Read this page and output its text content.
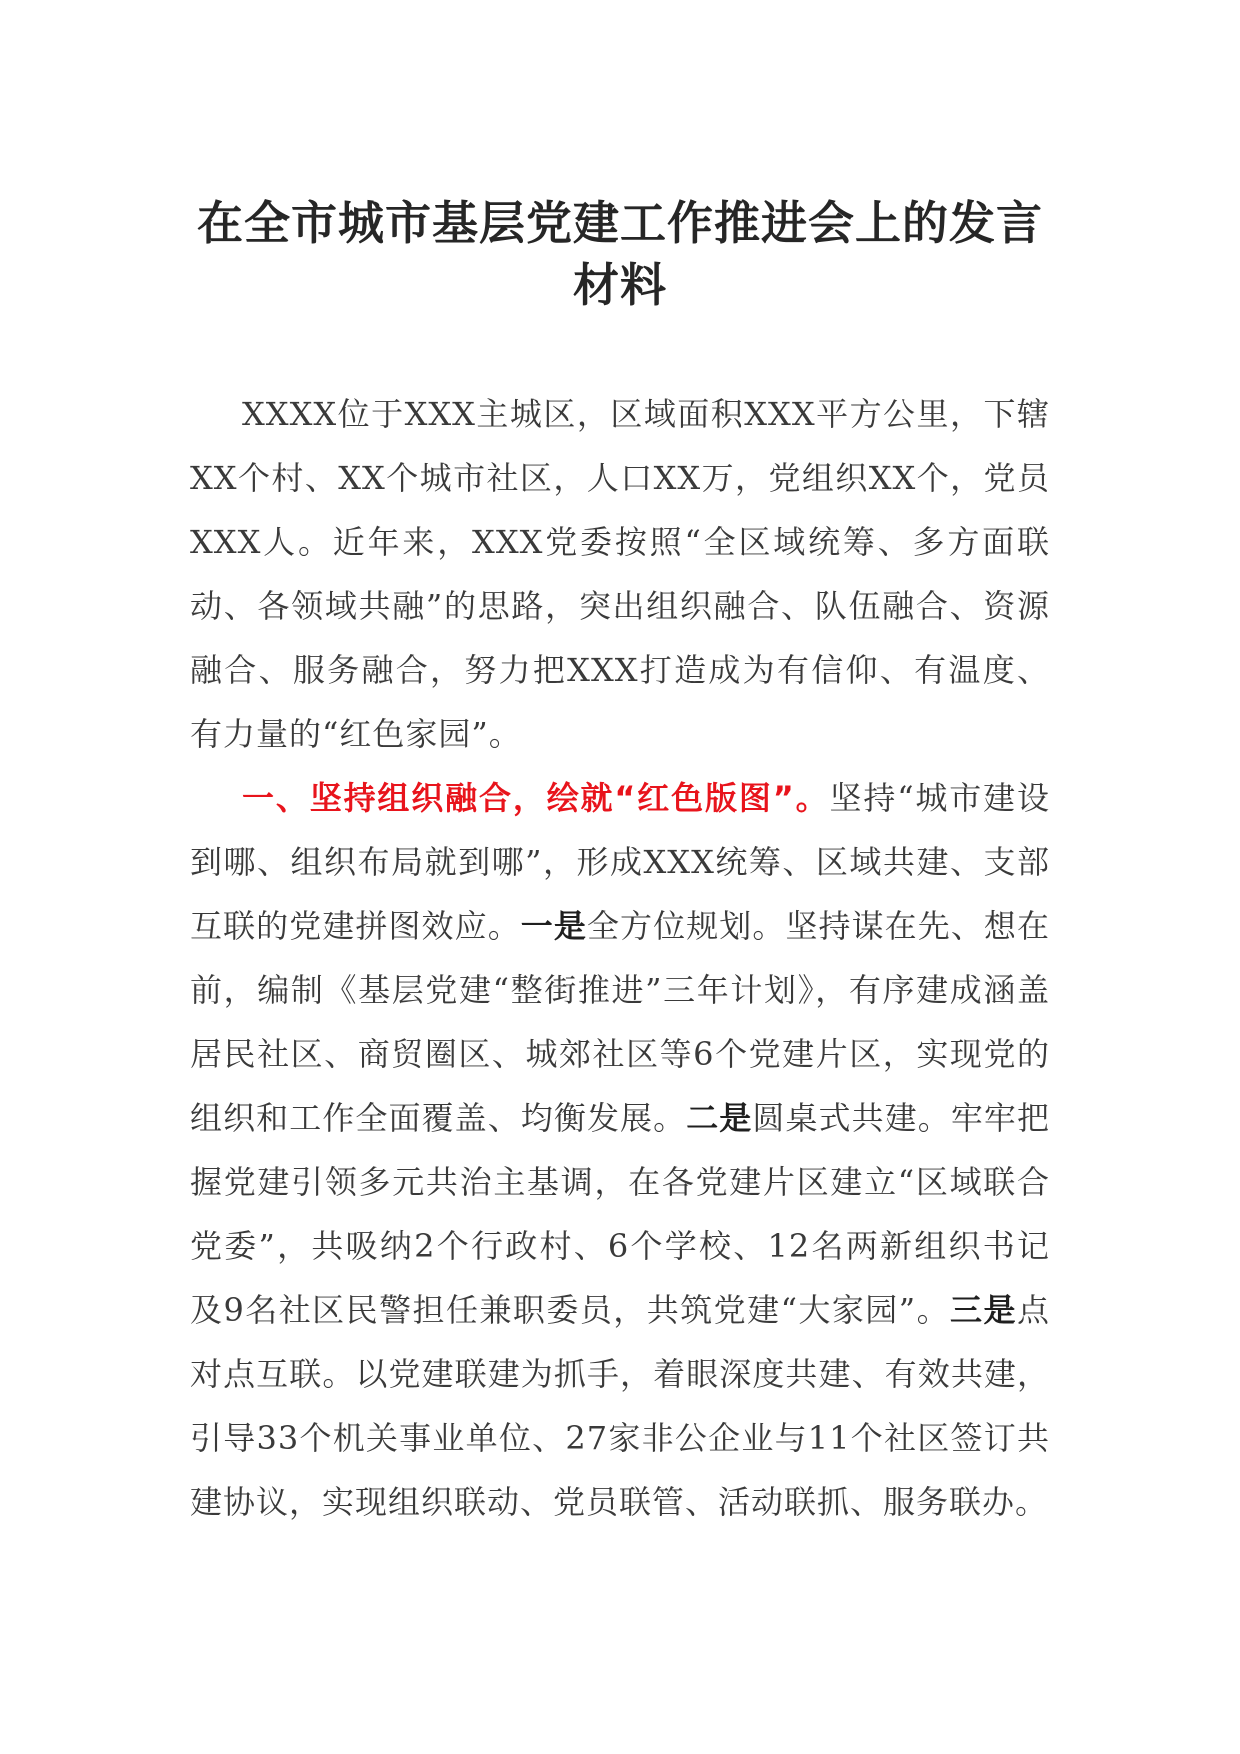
在全市城市基层党建工作推进会上的发言
材料

XXXX位于XXX主城区，区域面积XXX平方公里，下辖XX个村、XX个城市社区，人口XX万，党组织XX个，党员XXX人。近年来，XXX党委按照“全区域统筹、多方面联动、各领域共融”的思路，突出组织融合、队伍融合、资源融合、服务融合，努力把XXX打造成为有信仰、有温度、有力量的“红色家园”。

一、坚持组织融合，绘就“红色版图”。坚持“城市建设到哪、组织布局就到哪”，形成XXX统筹、区域共建、支部互联的党建拼图效应。一是全方位规划。坚持谋在先、想在前，编制《基层党建“整街推进”三年计划》，有序建成涵盖居民社区、商贸圈区、城郊社区等6个党建片区，实现党的组织和工作全面覆盖、均衡发展。二是圆桌式共建。牢牢把握党建引领多元共治主基调，在各党建片区建立“区域联合党委”，共吸纳2个行政村、6个学校、12名两新组织书记及9名社区民警担任兼职委员，共筑党建“大家园”。三是点对点互联。以党建联建为抓手，着眼深度共建、有效共建，引导33个机关事业单位、27家非公企业与11个社区签订共建协议，实现组织联动、党员联管、活动联抓、服务联办。
